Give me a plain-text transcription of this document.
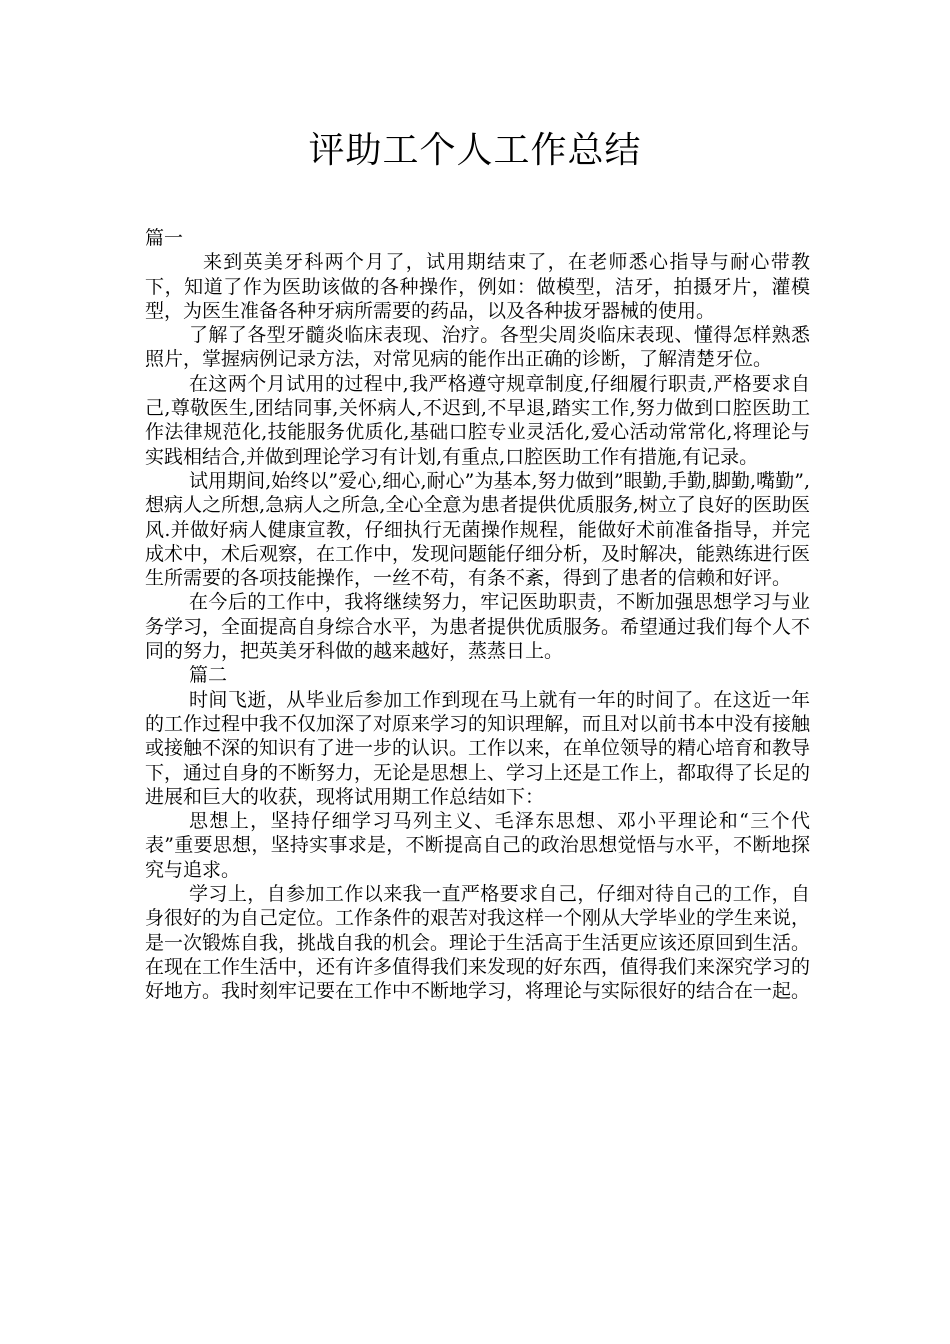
评助工个人工作总结

篇一

来到英美牙科两个月了，试用期结束了，在老师悉心指导与耐心带教下，知道了作为医助该做的各种操作，例如：做模型，洁牙，拍摄牙片，灌模型，为医生准备各种牙病所需要的药品，以及各种拔牙器械的使用。

了解了各型牙髓炎临床表现、治疗。各型尖周炎临床表现、懂得怎样熟悉照片，掌握病例记录方法，对常见病的能作出正确的诊断，了解清楚牙位。

在这两个月试用的过程中,我严格遵守规章制度,仔细履行职责,严格要求自己,尊敬医生,团结同事,关怀病人,不迟到,不早退,踏实工作,努力做到口腔医助工作法律规范化,技能服务优质化,基础口腔专业灵活化,爱心活动常常化,将理论与实践相结合,并做到理论学习有计划,有重点,口腔医助工作有措施,有记录。

试用期间,始终以”爱心,细心,耐心”为基本,努力做到”眼勤,手勤,脚勤,嘴勤”,想病人之所想,急病人之所急,全心全意为患者提供优质服务,树立了良好的医助医风.并做好病人健康宣教，仔细执行无菌操作规程，能做好术前准备指导，并完成术中，术后观察，在工作中，发现问题能仔细分析，及时解决，能熟练进行医生所需要的各项技能操作，一丝不苟，有条不紊，得到了患者的信赖和好评。

在今后的工作中，我将继续努力，牢记医助职责，不断加强思想学习与业务学习，全面提高自身综合水平，为患者提供优质服务。希望通过我们每个人不同的努力，把英美牙科做的越来越好，蒸蒸日上。

篇二

时间飞逝，从毕业后参加工作到现在马上就有一年的时间了。在这近一年的工作过程中我不仅加深了对原来学习的知识理解，而且对以前书本中没有接触或接触不深的知识有了进一步的认识。工作以来，在单位领导的精心培育和教导下，通过自身的不断努力，无论是思想上、学习上还是工作上，都取得了长足的进展和巨大的收获，现将试用期工作总结如下：

思想上，坚持仔细学习马列主义、毛泽东思想、邓小平理论和“三个代表”重要思想，坚持实事求是，不断提高自己的政治思想觉悟与水平，不断地探究与追求。

学习上，自参加工作以来我一直严格要求自己，仔细对待自己的工作，自身很好的为自己定位。工作条件的艰苦对我这样一个刚从大学毕业的学生来说，是一次锻炼自我，挑战自我的机会。理论于生活高于生活更应该还原回到生活。在现在工作生活中，还有许多值得我们来发现的好东西，值得我们来深究学习的好地方。我时刻牢记要在工作中不断地学习，将理论与实际很好的结合在一起。
